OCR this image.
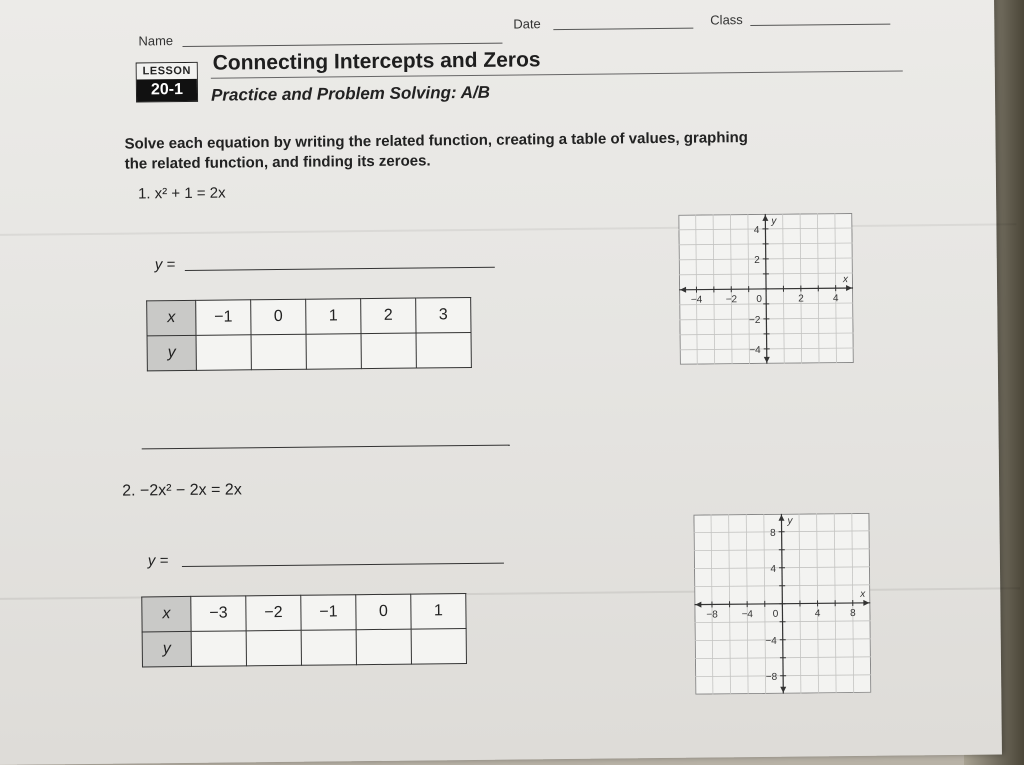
Name
Date	Class
LESSON
20-1
Connecting Intercepts and Zeros
Practice and Problem Solving: A/B
Solve each equation by writing the related function, creating a table of values, graphing the related function, and finding its zeroes.
1. x² + 1 = 2x
y =
x	−1	0	1	2	3
y					
−4 −2 0	2	4
4
2
−2
−4
x
y
2. −2x² − 2x = 2x
y =
x	−3	−2	−1	0	1
y					
−8 −4 0	4	8
8
4
−4
−8
x
y
